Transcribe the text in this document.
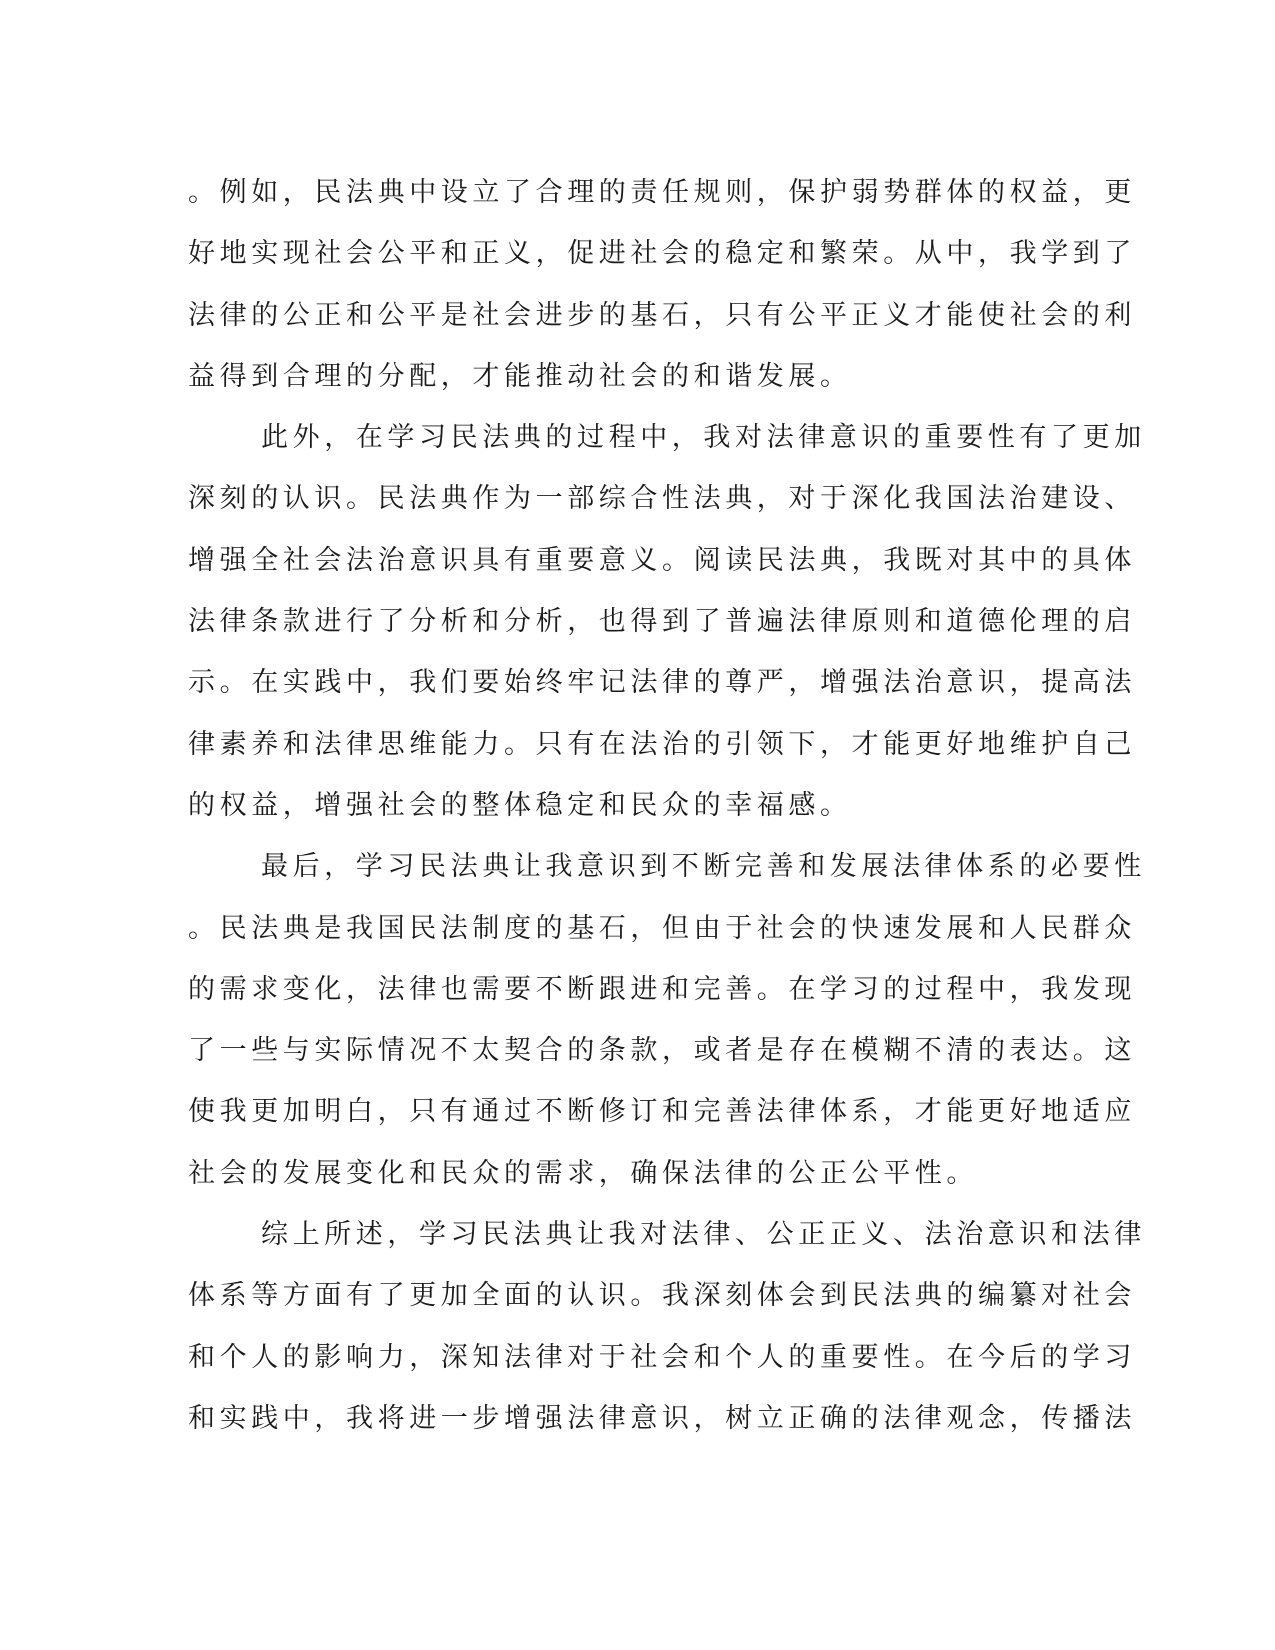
。例如，民法典中设立了合理的责任规则，保护弱势群体的权益，更
好地实现社会公平和正义，促进社会的稳定和繁荣。从中，我学到了
法律的公正和公平是社会进步的基石，只有公平正义才能使社会的利
益得到合理的分配，才能推动社会的和谐发展。
此外，在学习民法典的过程中，我对法律意识的重要性有了更加
深刻的认识。民法典作为一部综合性法典，对于深化我国法治建设、
增强全社会法治意识具有重要意义。阅读民法典，我既对其中的具体
法律条款进行了分析和分析，也得到了普遍法律原则和道德伦理的启
示。在实践中，我们要始终牢记法律的尊严，增强法治意识，提高法
律素养和法律思维能力。只有在法治的引领下，才能更好地维护自己
的权益，增强社会的整体稳定和民众的幸福感。
最后，学习民法典让我意识到不断完善和发展法律体系的必要性
。民法典是我国民法制度的基石，但由于社会的快速发展和人民群众
的需求变化，法律也需要不断跟进和完善。在学习的过程中，我发现
了一些与实际情况不太契合的条款，或者是存在模糊不清的表达。这
使我更加明白，只有通过不断修订和完善法律体系，才能更好地适应
社会的发展变化和民众的需求，确保法律的公正公平性。
综上所述，学习民法典让我对法律、公正正义、法治意识和法律
体系等方面有了更加全面的认识。我深刻体会到民法典的编纂对社会
和个人的影响力，深知法律对于社会和个人的重要性。在今后的学习
和实践中，我将进一步增强法律意识，树立正确的法律观念，传播法
